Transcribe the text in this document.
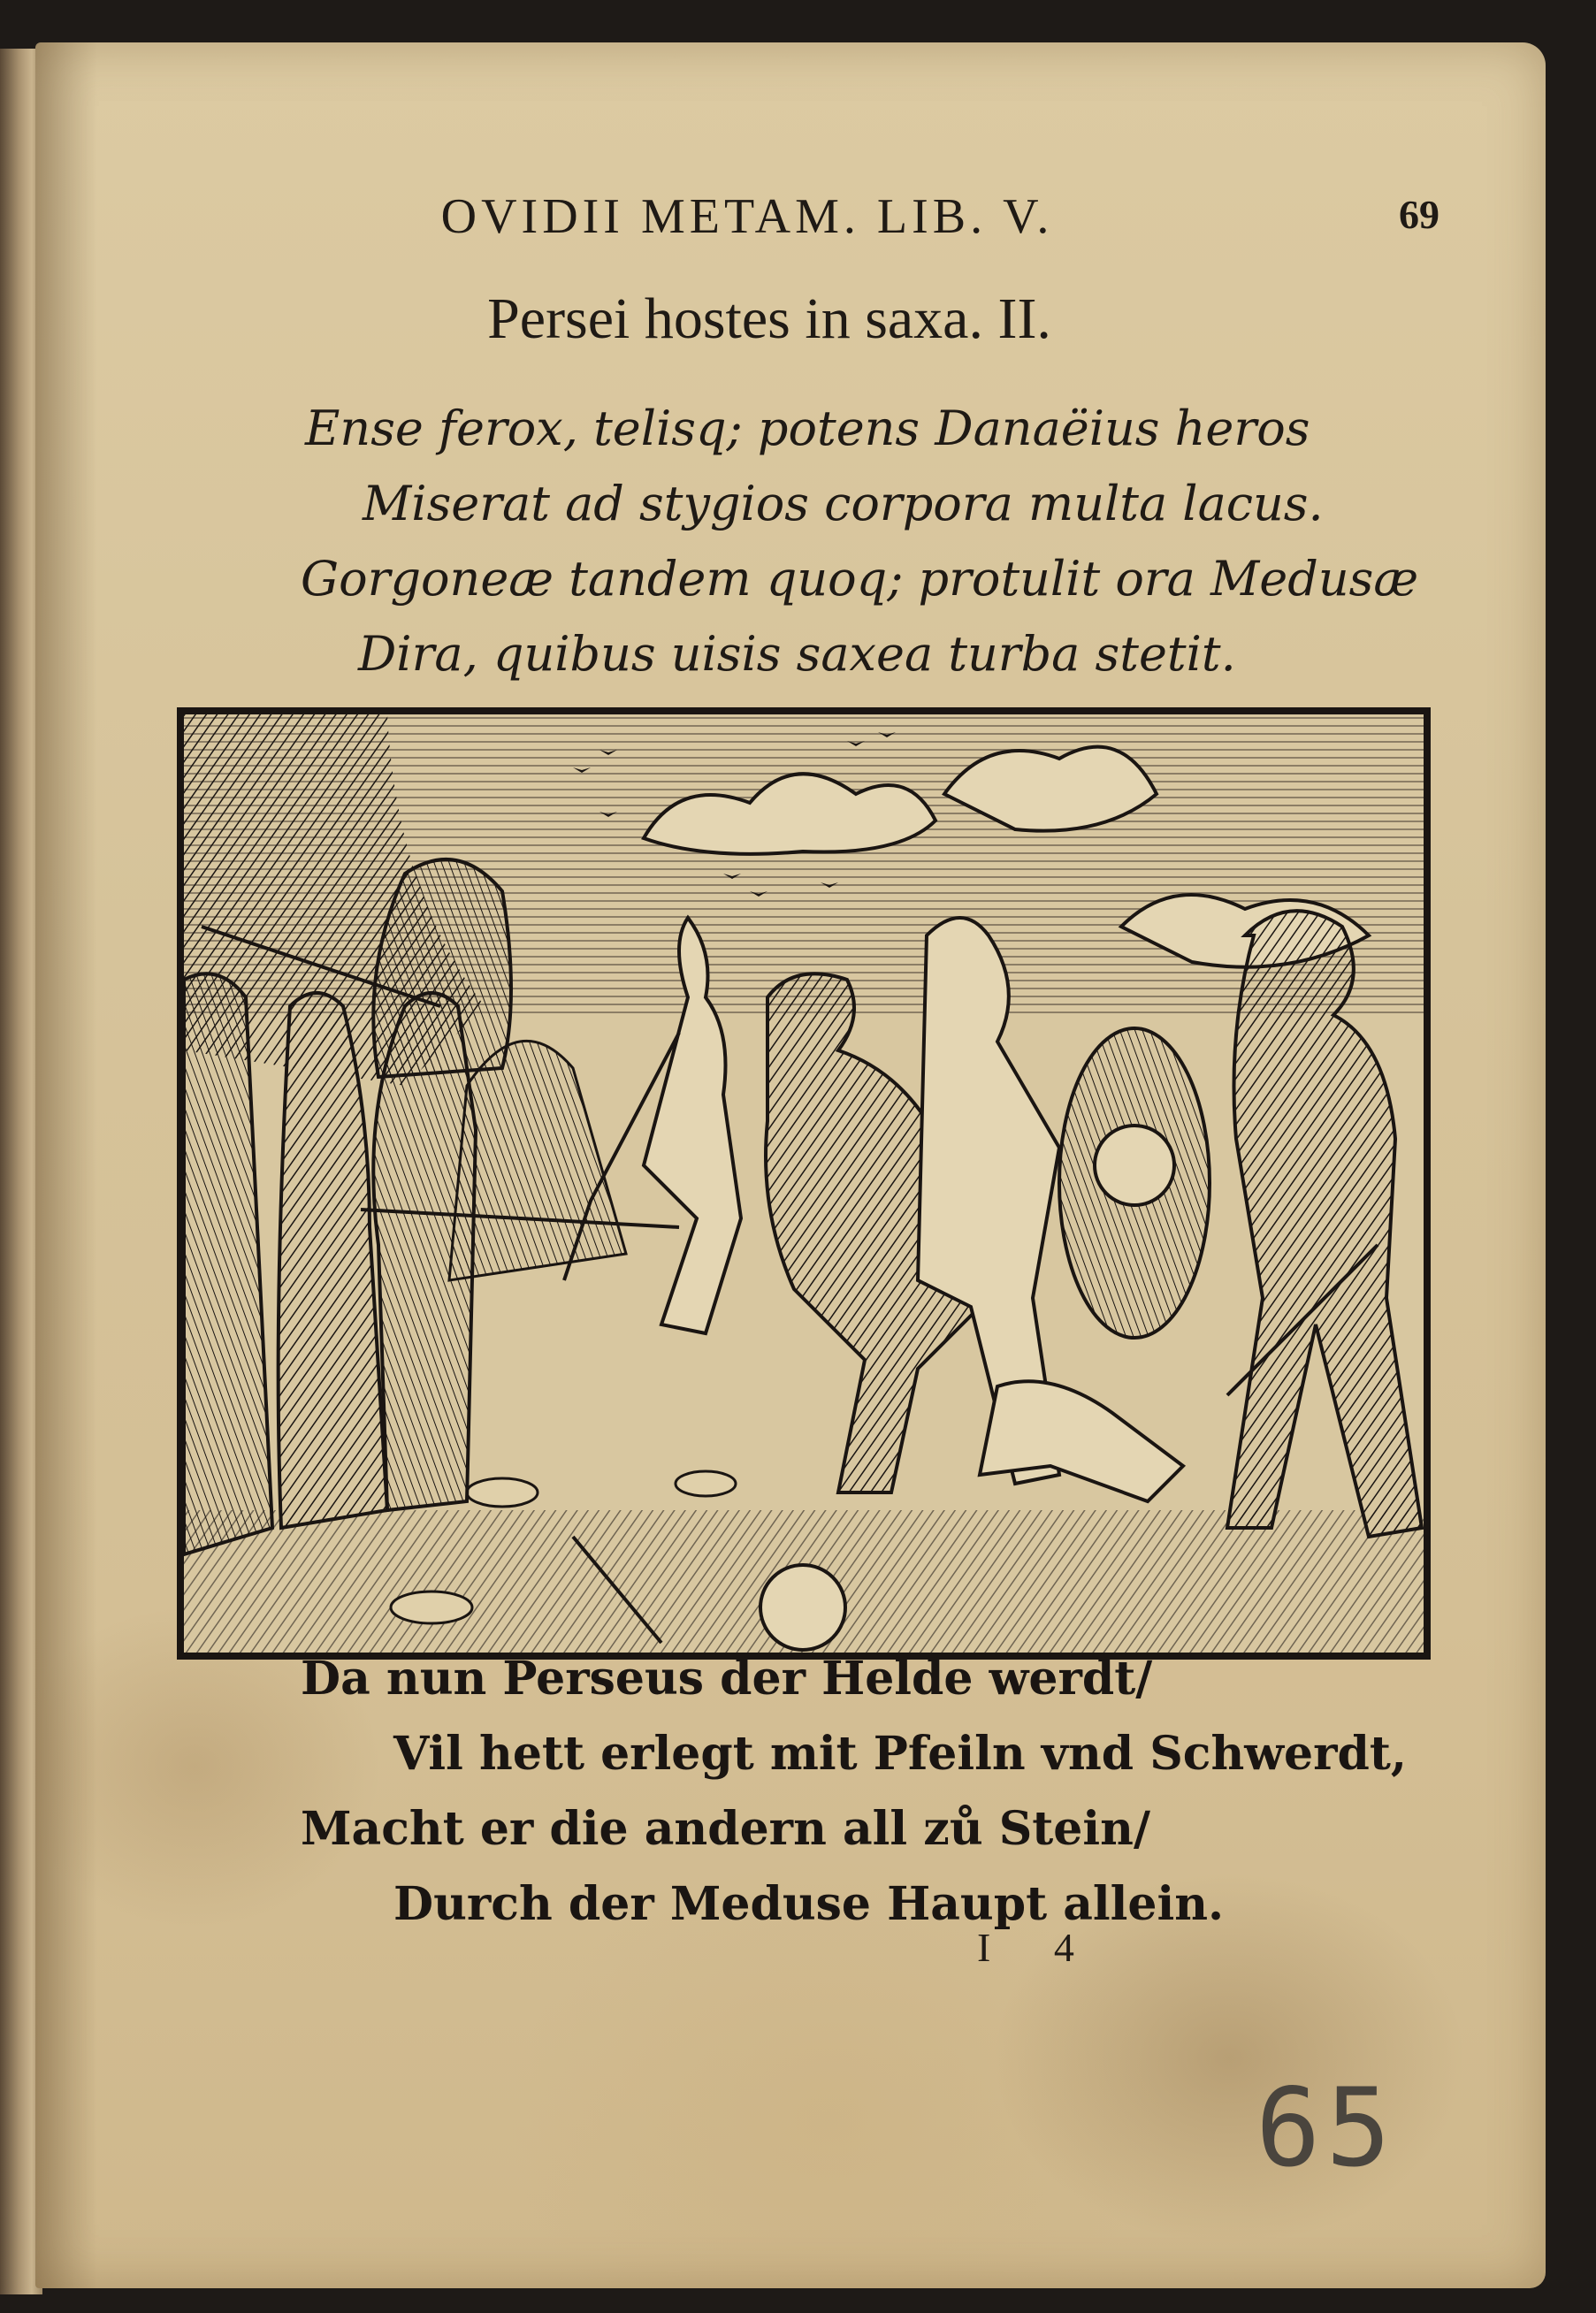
OVIDII METAM. LIB. V.	69
Persei hostes in saxa. II.
Ense ferox, telisq; potens Danaëius heros
Miserat ad stygios corpora multa lacus.
Gorgoneæ tandem quoq; protulit ora Medusæ
Dira, quibus uisis saxea turba stetit.
Da nun Perseus der Helde werdt/
Vil hett erlegt mit Pfeiln vnd Schwerdt,
Macht er die andern all zů Stein/
Durch der Meduse Haupt allein.
I 4
65
